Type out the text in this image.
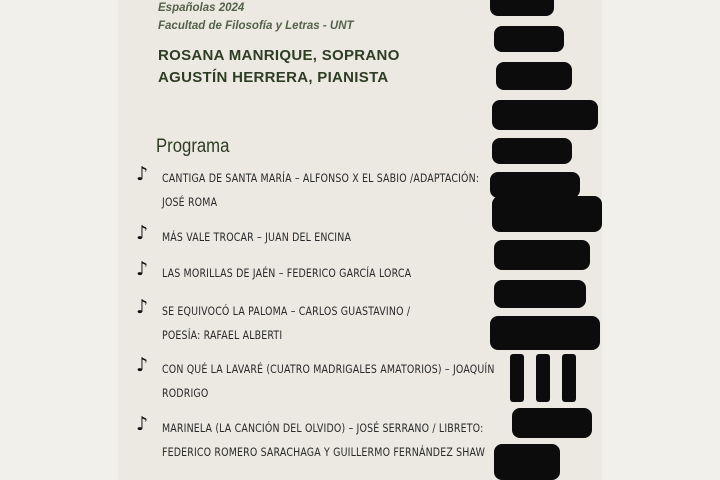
Españolas 2024
Facultad de Filosofía y Letras - UNT
ROSANA MANRIQUE, SOPRANO
AGUSTÍN HERRERA, PIANISTA
Programa
♪ CANTIGA DE SANTA MARÍA – ALFONSO X EL SABIO /ADAPTACIÓN:
JOSÉ ROMA
♪ MÁS VALE TROCAR – JUAN DEL ENCINA
♪ LAS MORILLAS DE JAÉN – FEDERICO GARCÍA LORCA
♪ SE EQUIVOCÓ LA PALOMA – CARLOS GUASTAVINO /
POESÍA: RAFAEL ALBERTI
♪ CON QUÉ LA LAVARÉ (CUATRO MADRIGALES AMATORIOS) – JOAQUÍN
RODRIGO
♪ MARINELA (LA CANCIÓN DEL OLVIDO) – JOSÉ SERRANO / LIBRETO:
FEDERICO ROMERO SARACHAGA Y GUILLERMO FERNÁNDEZ SHAW
